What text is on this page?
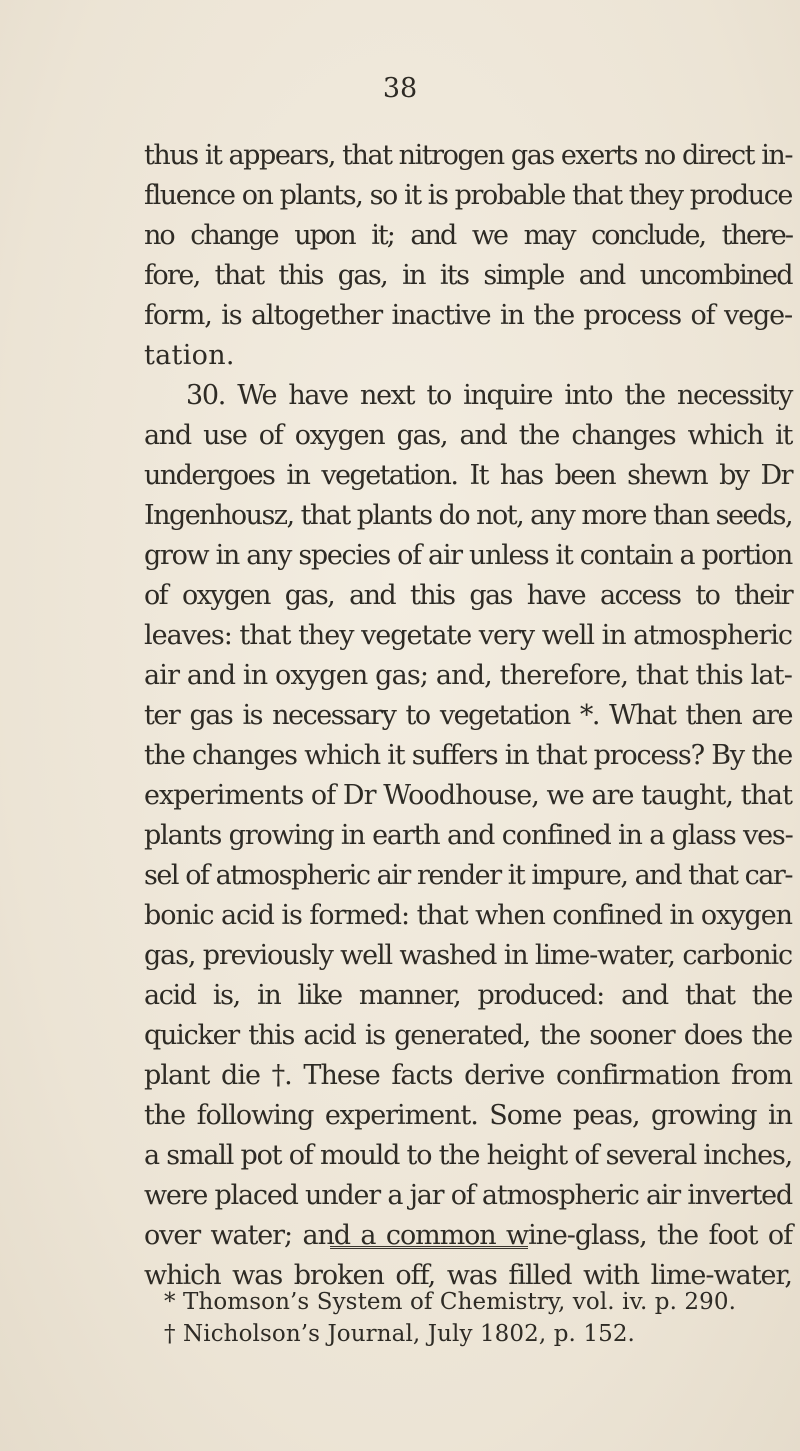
38
thus it appears, that nitrogen gas exerts no direct in-
fluence on plants, so it is probable that they produce
no change upon it; and we may conclude, there-
fore, that this gas, in its simple and uncombined
form, is altogether inactive in the process of vege-
tation.
30. We have next to inquire into the necessity
and use of oxygen gas, and the changes which it
undergoes in vegetation. It has been shewn by Dr
Ingenhousz, that plants do not, any more than seeds,
grow in any species of air unless it contain a portion
of oxygen gas, and this gas have access to their
leaves: that they vegetate very well in atmospheric
air and in oxygen gas; and, therefore, that this lat-
ter gas is necessary to vegetation *. What then are
the changes which it suffers in that process? By the
experiments of Dr Woodhouse, we are taught, that
plants growing in earth and confined in a glass ves-
sel of atmospheric air render it impure, and that car-
bonic acid is formed: that when confined in oxygen
gas, previously well washed in lime-water, carbonic
acid is, in like manner, produced: and that the
quicker this acid is generated, the sooner does the
plant die †. These facts derive confirmation from
the following experiment. Some peas, growing in
a small pot of mould to the height of several inches,
were placed under a jar of atmospheric air inverted
over water; and a common wine-glass, the foot of
which was broken off, was filled with lime-water,
* Thomson’s System of Chemistry, vol. iv. p. 290.
† Nicholson’s Journal, July 1802, p. 152.
